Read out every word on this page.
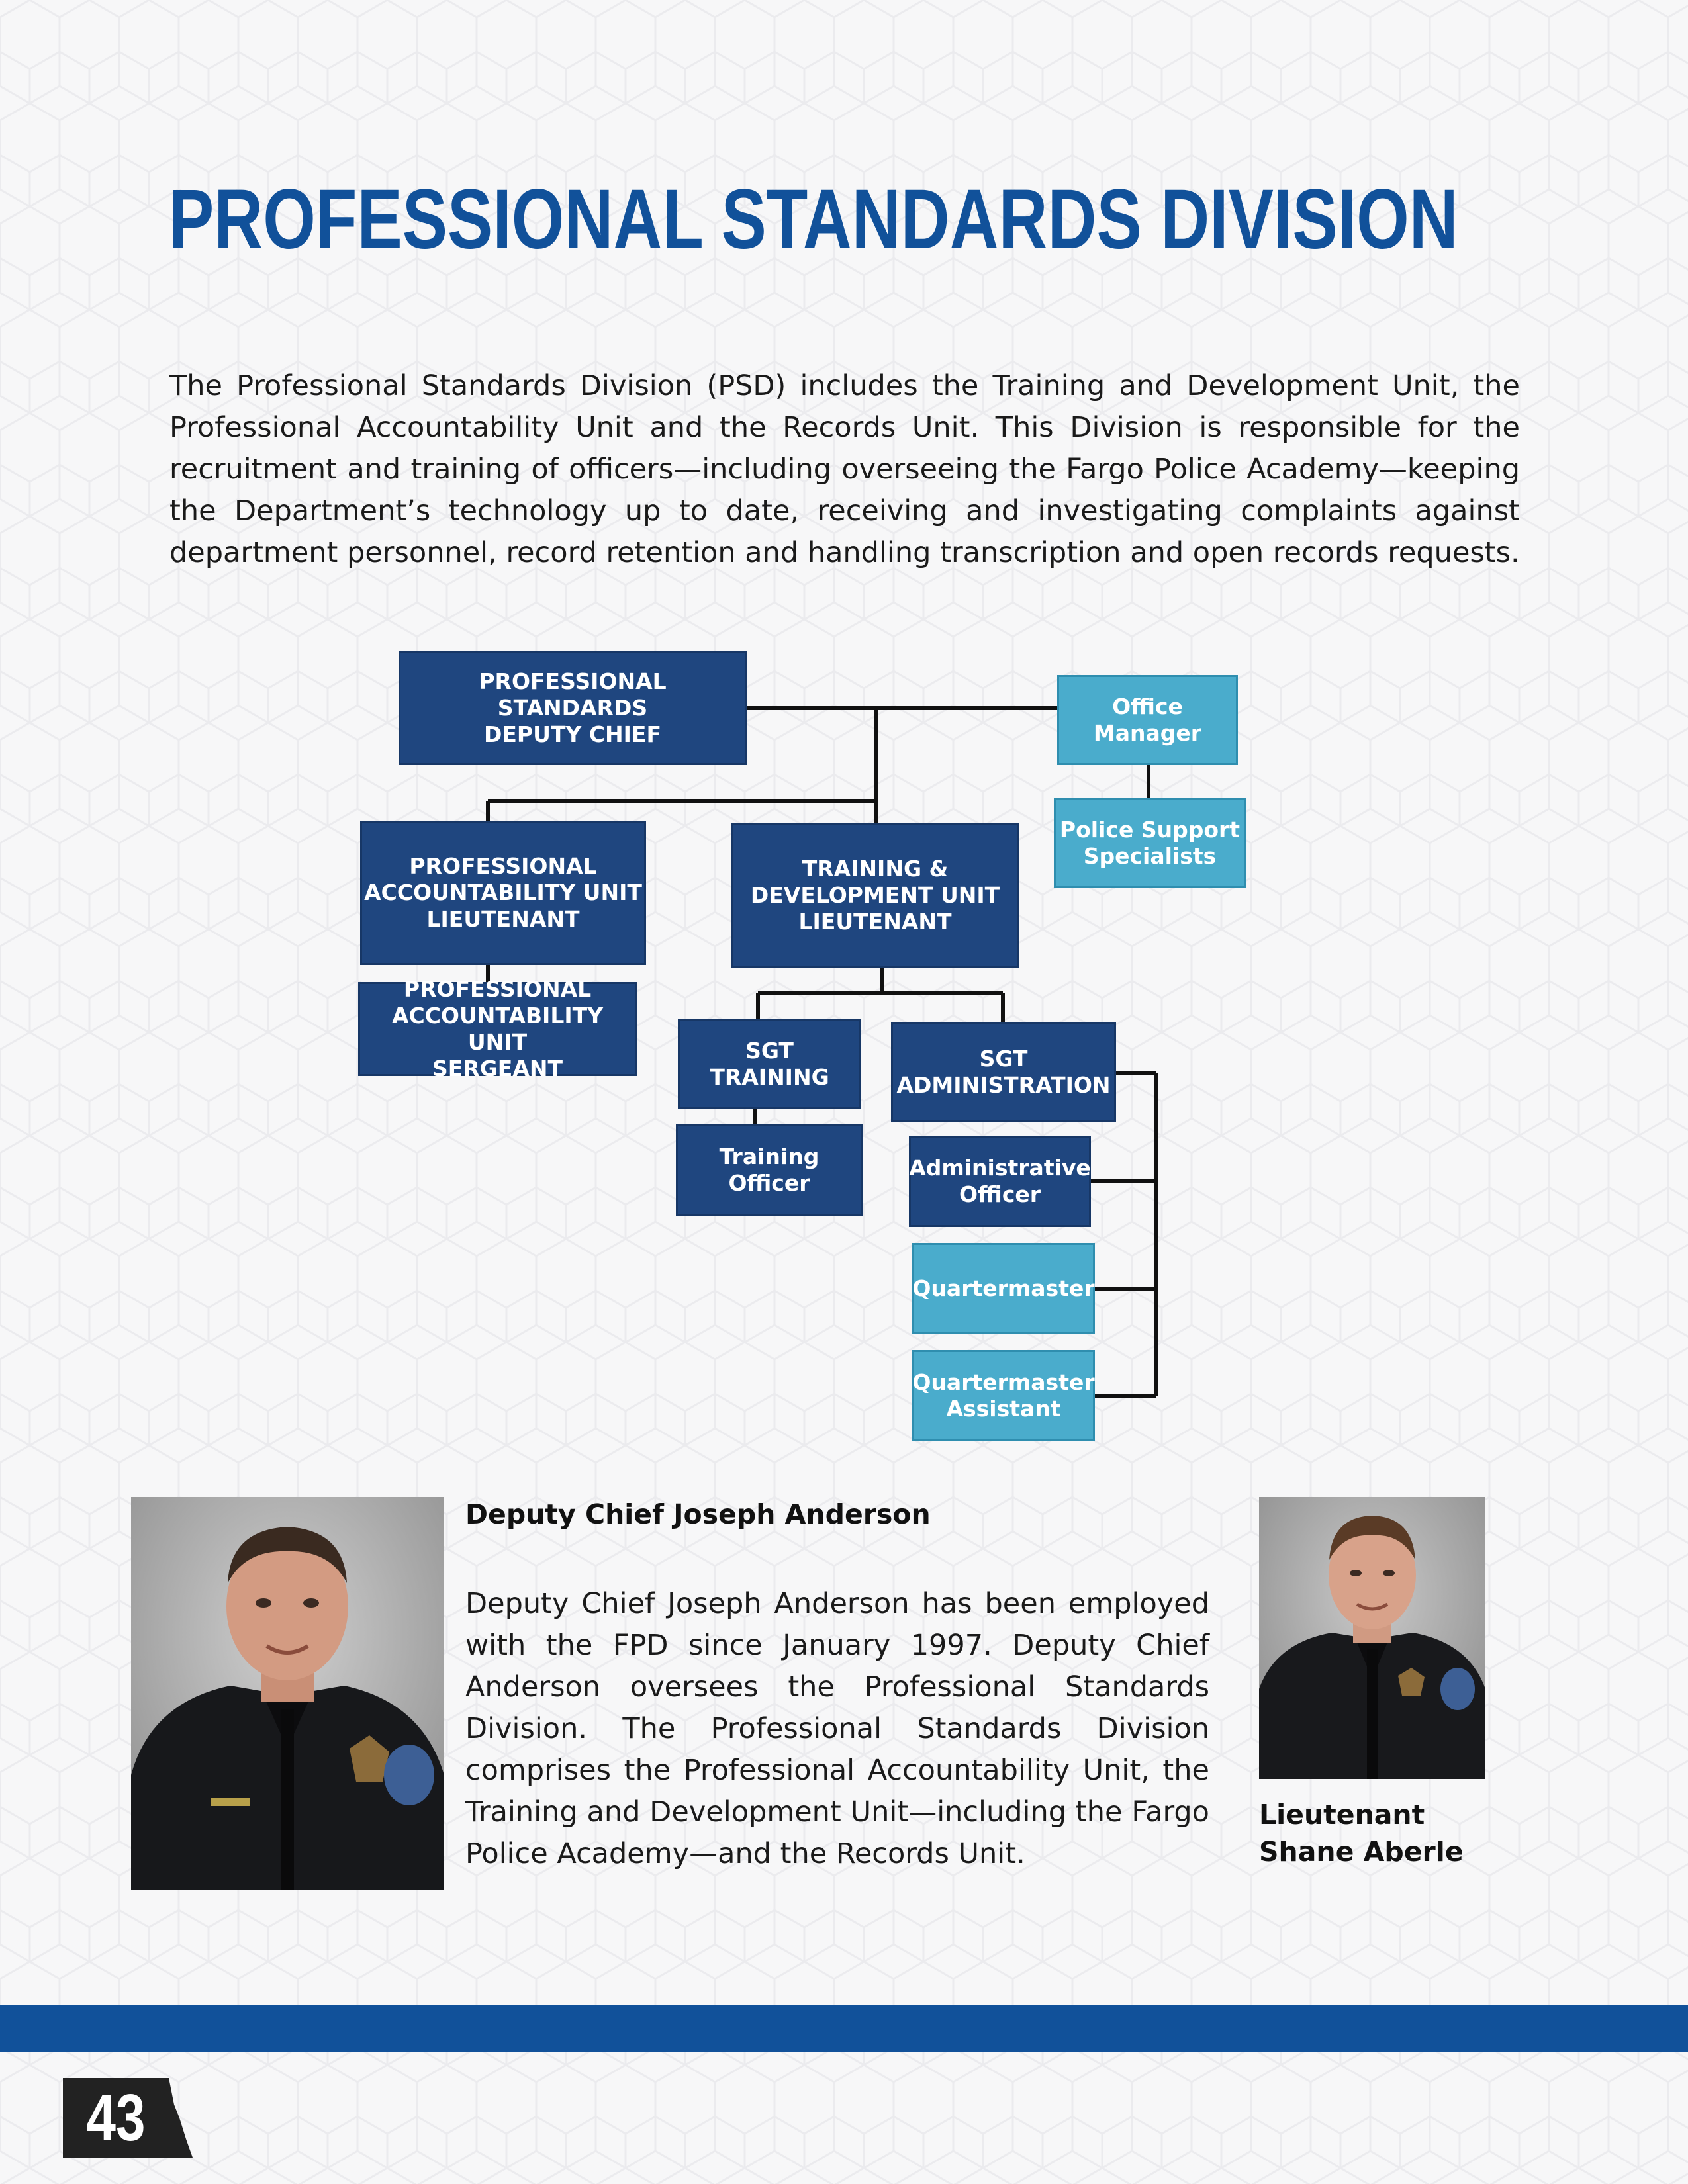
PROFESSIONAL STANDARDS DIVISION

The Professional Standards Division (PSD) includes the Training and Development Unit, the Professional Accountability Unit and the Records Unit. This Division is responsible for the recruitment and training of officers—including overseeing the Fargo Police Academy—keeping the Department’s technology up to date, receiving and investigating complaints against department personnel, record retention and handling transcription and open records requests.

PROFESSIONAL STANDARDS
DEPUTY CHIEF
Office Manager
Police Support
Specialists
PROFESSIONAL
ACCOUNTABILITY UNIT
LIEUTENANT
TRAINING &
DEVELOPMENT UNIT
LIEUTENANT
PROFESSIONAL
ACCOUNTABILITY UNIT
SERGEANT
SGT
TRAINING
SGT
ADMINISTRATION
Training
Officer
Administrative
Officer
Quartermaster
Quartermaster
Assistant
Deputy Chief Joseph Anderson

Deputy Chief Joseph Anderson has been employed with the FPD since January 1997. Deputy Chief Anderson oversees the Professional Standards Division. The Professional Standards Division comprises the Professional Accountability Unit, the Training and Development Unit—including the Fargo Police Academy—and the Records Unit.

Lieutenant

Shane Aberle

43
